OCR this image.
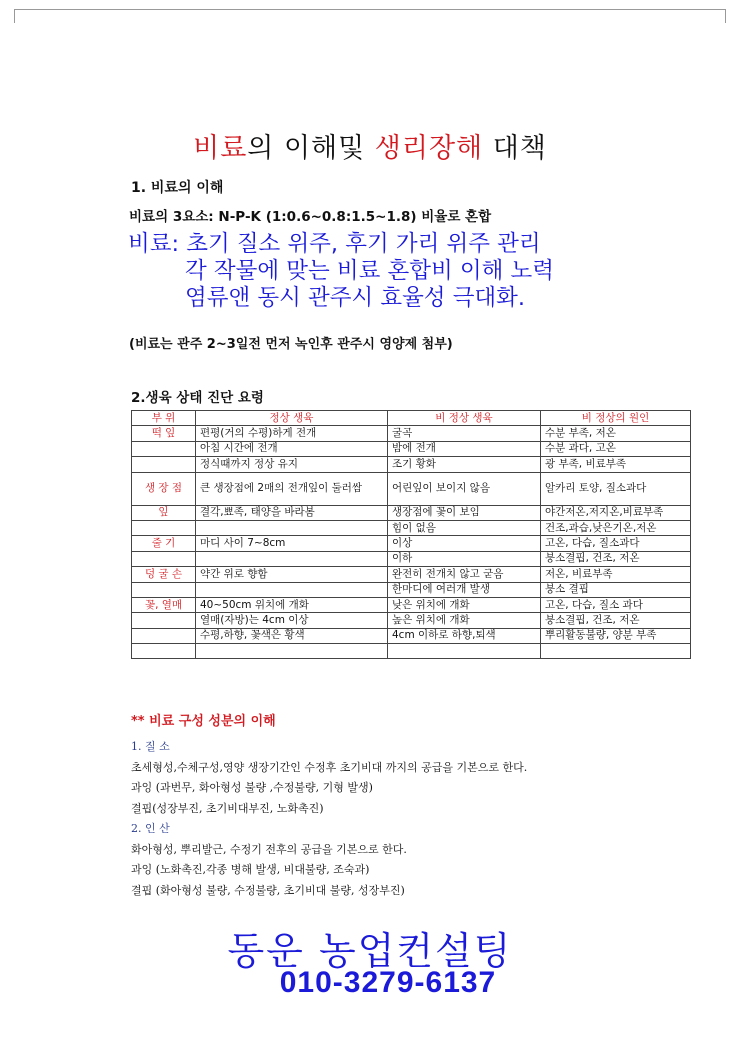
비료의 이해및 생리장해 대책
1. 비료의 이해
비료의 3요소: N-P-K (1:0.6~0.8:1.5~1.8) 비율로 혼합
비료: 초기 질소 위주, 후기 가리 위주 관리
각 작물에 맞는 비료 혼합비 이해 노력
염류앤 동시 관주시 효율성 극대화.
(비료는 관주 2~3일전 먼저 녹인후 관주시 영양제 첨부)
2.생육 상태 진단 요령
부 위	정상 생육	비 정상 생육	비 정상의 원인
떡 잎	편평(거의 수평)하게 전개	굴곡	수분 부족, 저온
	아침 시간에 전개	밤에 전개	수분 과다, 고온
	정식때까지 정상 유지	조기 황화	광 부족, 비료부족
생 장 점	큰 생장점에 2매의 전개잎이 둘러쌈	어린잎이 보이지 않음	알카리 토양, 질소과다
잎	결각,뾰족, 태양을 바라봄	생장점에 꽃이 보임	야간저온,저지온,비료부족
		힘이 없음	건조,과습,낮은기온,저온
줄 기	마디 사이 7~8cm	이상	고온, 다습, 질소과다
		이하	붕소결핍, 건조, 저온
덩 굴 손	약간 위로 향함	완전히 전개치 않고 굳음	저온, 비료부족
		한마디에 여러개 발생	붕소 결핍
꽃, 열매	40~50cm 위치에 개화	낮은 위치에 개화	고온, 다습, 질소 과다
	열매(자방)는 4cm 이상	높은 위치에 개화	붕소결핍, 건조, 저온
	수평,하향, 꽃색은 황색	4cm 이하로 하향,퇴색	뿌리활동불량, 양분 부족

** 비료 구성 성분의 이해
1. 질 소
초세형성,수체구성,영양 생장기간인 수정후 초기비대 까지의 공급을 기본으로 한다.
과잉 (과번무, 화아형성 불량 ,수정불량, 기형 발생)
결핍(성장부진, 초기비대부진, 노화촉진)
2. 인 산
화아형성, 뿌리발근, 수정기 전후의 공급을 기본으로 한다.
과잉 (노화촉진,각종 병해 발생, 비대불량, 조숙과)
결핍 (화아형성 불량, 수정불량, 초기비대 불량, 성장부진)
동운 농업컨설팅
010-3279-6137
